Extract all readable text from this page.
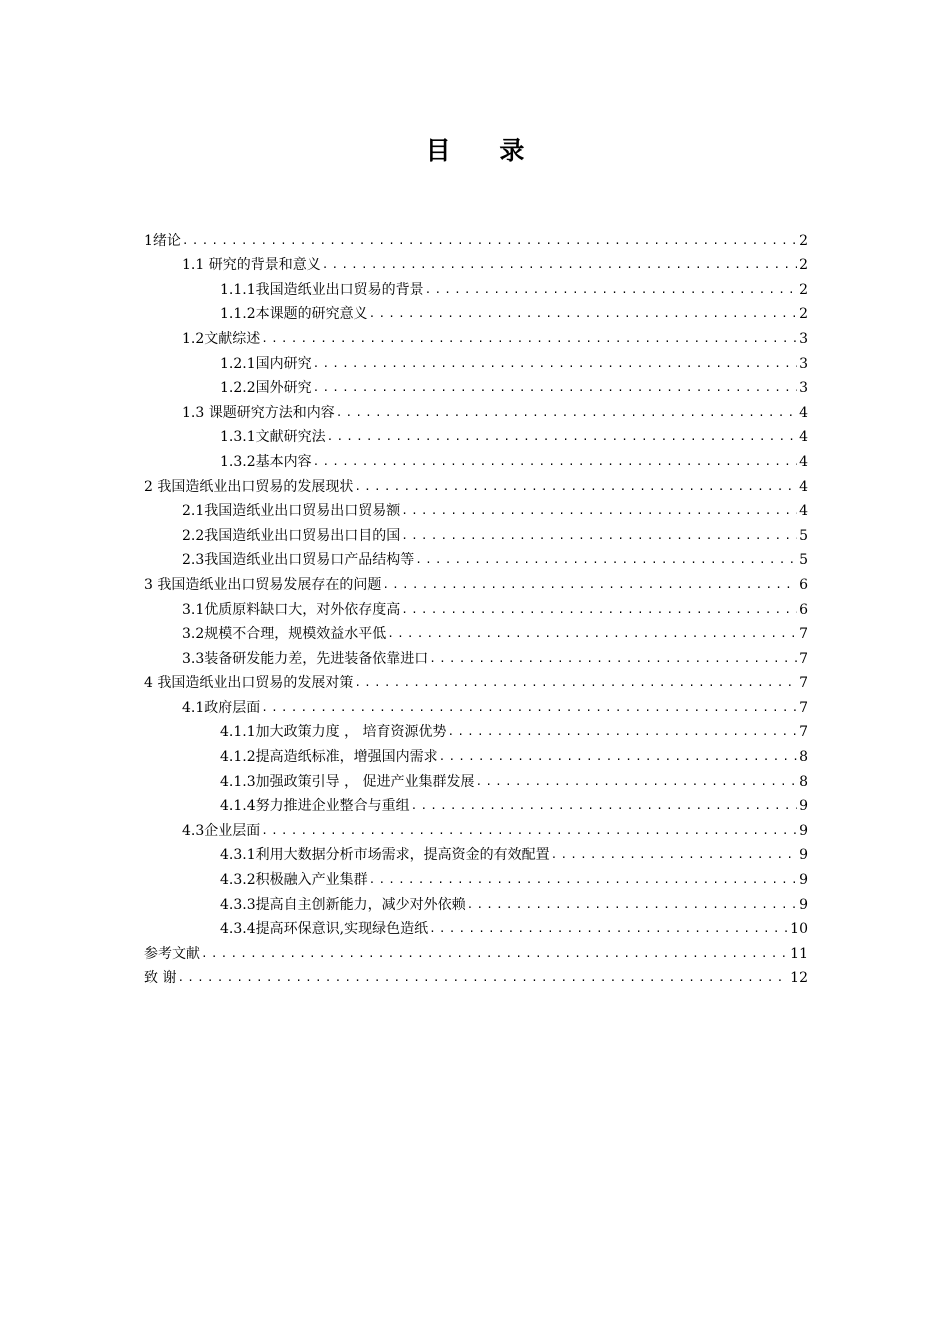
目 录
1绪论 .....	2
1.1 研究的背景和意义 .....	2
1.1.1我国造纸业出口贸易的背景 .....	2
1.1.2本课题的研究意义 .....	2
1.2文献综述 .....	3
1.2.1国内研究 .....	3
1.2.2国外研究 .....	3
1.3 课题研究方法和内容 .....	4
1.3.1文献研究法 .....	4
1.3.2基本内容 .....	4
2 我国造纸业出口贸易的发展现状 .....	4
2.1我国造纸业出口贸易出口贸易额 .....	4
2.2我国造纸业出口贸易出口目的国 .....	5
2.3我国造纸业出口贸易口产品结构等 .....	5
3 我国造纸业出口贸易发展存在的问题 .....	6
3.1优质原料缺口大，对外依存度高 .....	6
3.2规模不合理，规模效益水平低 .....	7
3.3装备研发能力差，先进装备依靠进口 .....	7
4 我国造纸业出口贸易的发展对策 .....	7
4.1政府层面 .....	7
4.1.1加大政策力度 ， 培育资源优势 .....	7
4.1.2提高造纸标准，增强国内需求 .....	8
4.1.3加强政策引导 ， 促进产业集群发展 .....	8
4.1.4努力推进企业整合与重组 .....	9
4.3企业层面 .....	9
4.3.1利用大数据分析市场需求，提高资金的有效配置 .....	9
4.3.2积极融入产业集群 .....	9
4.3.3提高自主创新能力，减少对外依赖 .....	9
4.3.4提高环保意识,实现绿色造纸 .....	10
参考文献 .....	11
致 谢 .....	12
